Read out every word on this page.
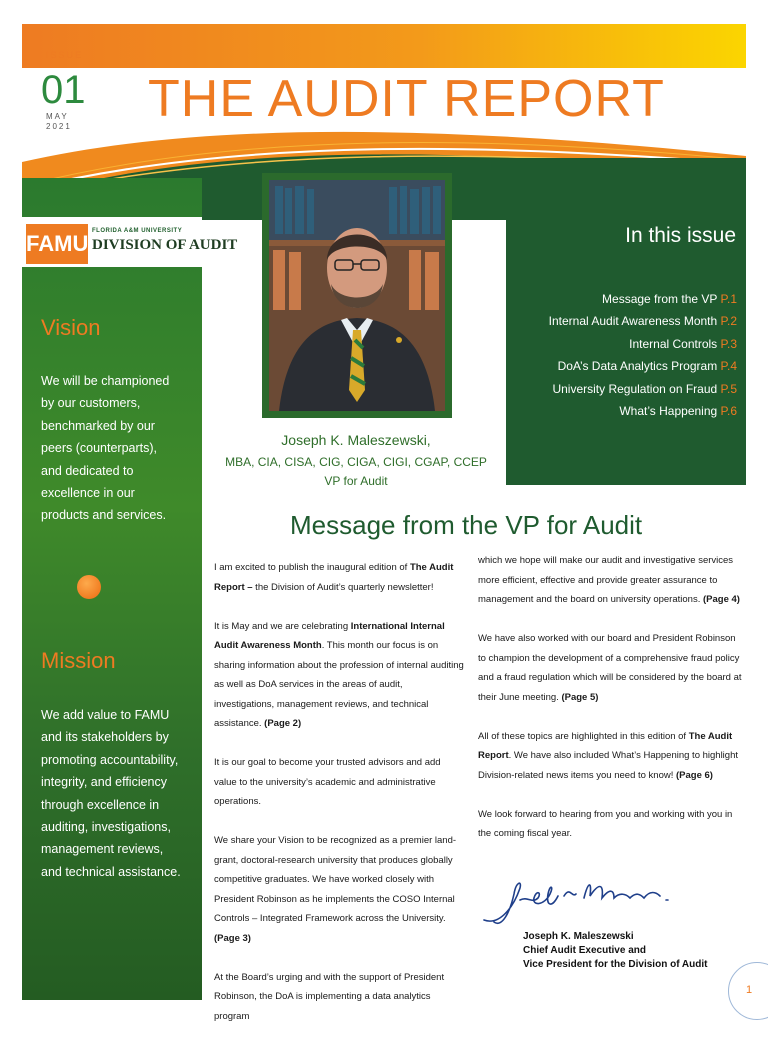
ISSUE
01
MAY
2021 THE AUDIT REPORT
FAMU FLORIDA A&M UNIVERSITY
DIVISION OF AUDIT
Vision
We will be championed by our customers, benchmarked by our peers (counterparts), and dedicated to excellence in our products and services.
Mission
We add value to FAMU and its stakeholders by promoting accountability, integrity, and efficiency through excellence in auditing, investigations, management reviews, and technical assistance.
Joseph K. Maleszewski,
MBA, CIA, CISA, CIG, CIGA, CIGI, CGAP, CCEP
VP for Audit
In this issue
Message from the VP P.1
Internal Audit Awareness Month P.2
Internal Controls P.3
DoA’s Data Analytics Program P.4
University Regulation on Fraud P.5
What’s Happening P.6
Message from the VP for Audit

I am excited to publish the inaugural edition of The Audit Report – the Division of Audit’s quarterly newsletter!

It is May and we are celebrating International Internal Audit Awareness Month. This month our focus is on sharing information about the profession of internal auditing as well as DoA services in the areas of audit, investigations, management reviews, and technical assistance. (Page 2)

It is our goal to become your trusted advisors and add value to the university’s academic and administrative operations.

We share your Vision to be recognized as a premier land-grant, doctoral-research university that produces globally competitive graduates. We have worked closely with President Robinson as he implements the COSO Internal Controls – Integrated Framework across the University. (Page 3)

At the Board’s urging and with the support of President Robinson, the DoA is implementing a data analytics program

which we hope will make our audit and investigative services more efficient, effective and provide greater assurance to management and the board on university operations. (Page 4)

We have also worked with our board and President Robinson to champion the development of a comprehensive fraud policy and a fraud regulation which will be considered by the board at their June meeting. (Page 5)

All of these topics are highlighted in this edition of The Audit Report. We have also included What’s Happening to highlight Division-related news items you need to know! (Page 6)

We look forward to hearing from you and working with you in the coming fiscal year.

Joseph K. Maleszewski
Chief Audit Executive and
Vice President for the Division of Audit
1
